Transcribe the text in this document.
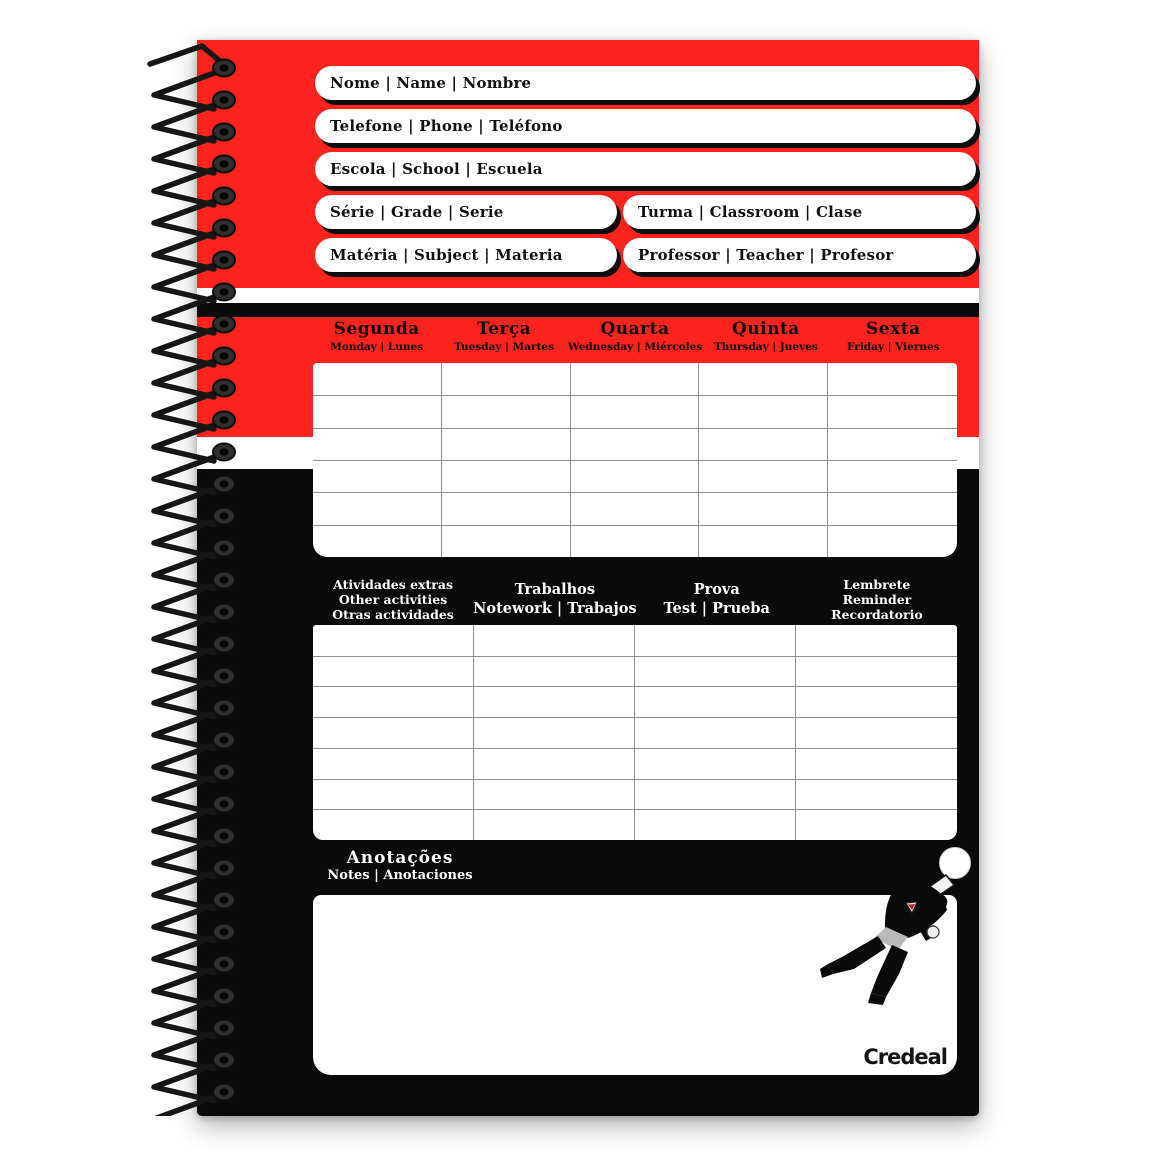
Nome | Name | Nombre
Telefone | Phone | Teléfono
Escola | School | Escuela
Série | Grade | Serie	Turma | Classroom | Clase
Matéria | Subject | Materia	Professor | Teacher | Profesor
Segunda
Monday | Lunes
Terça
Tuesday | Martes
Quarta
Wednesday | Miércoles
Quinta
Thursday | Jueves
Sexta
Friday | Viernes
Atividades extras
Other activities
Otras actividades
Trabalhos
Notework | Trabajos
Prova
Test | Prueba
Lembrete
Reminder
Recordatorio
Anotações
Notes | Anotaciones
Credeal
